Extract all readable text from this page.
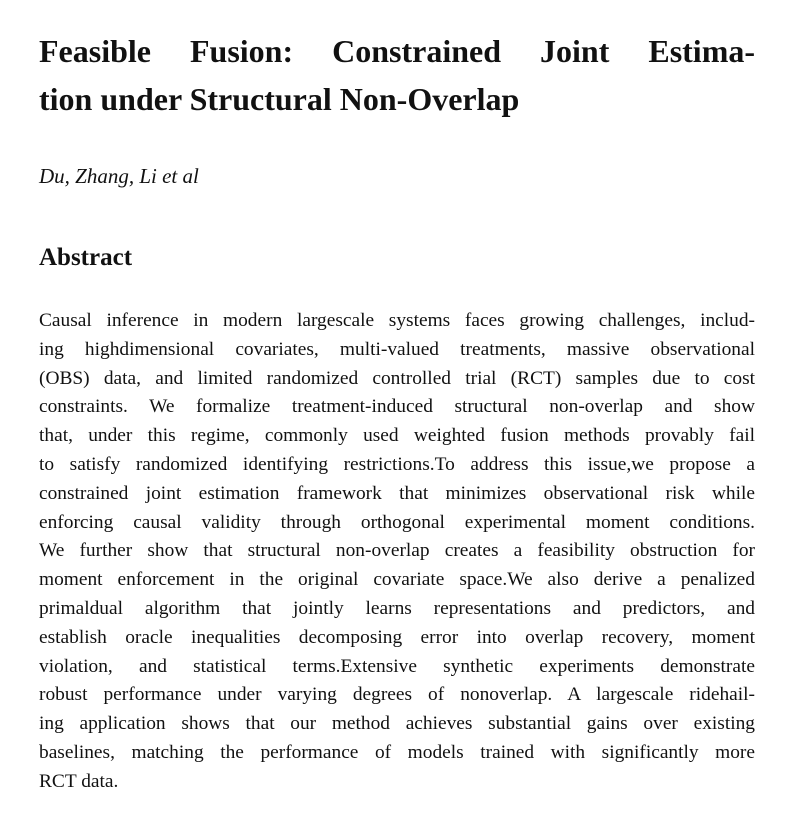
Feasible Fusion: Constrained Joint Estima-
tion under Structural Non-Overlap

Du, Zhang, Li et al

Abstract
Causal inference in modern largescale systems faces growing challenges, includ-
ing highdimensional covariates, multi-valued treatments, massive observational
(OBS) data, and limited randomized controlled trial (RCT) samples due to cost
constraints. We formalize treatment-induced structural non-overlap and show
that, under this regime, commonly used weighted fusion methods provably fail
to satisfy randomized identifying restrictions.To address this issue,we propose a
constrained joint estimation framework that minimizes observational risk while
enforcing causal validity through orthogonal experimental moment conditions.
We further show that structural non-overlap creates a feasibility obstruction for
moment enforcement in the original covariate space.We also derive a penalized
primaldual algorithm that jointly learns representations and predictors, and
establish oracle inequalities decomposing error into overlap recovery, moment
violation, and statistical terms.Extensive synthetic experiments demonstrate
robust performance under varying degrees of nonoverlap. A largescale ridehail-
ing application shows that our method achieves substantial gains over existing
baselines, matching the performance of models trained with significantly more
RCT data.
